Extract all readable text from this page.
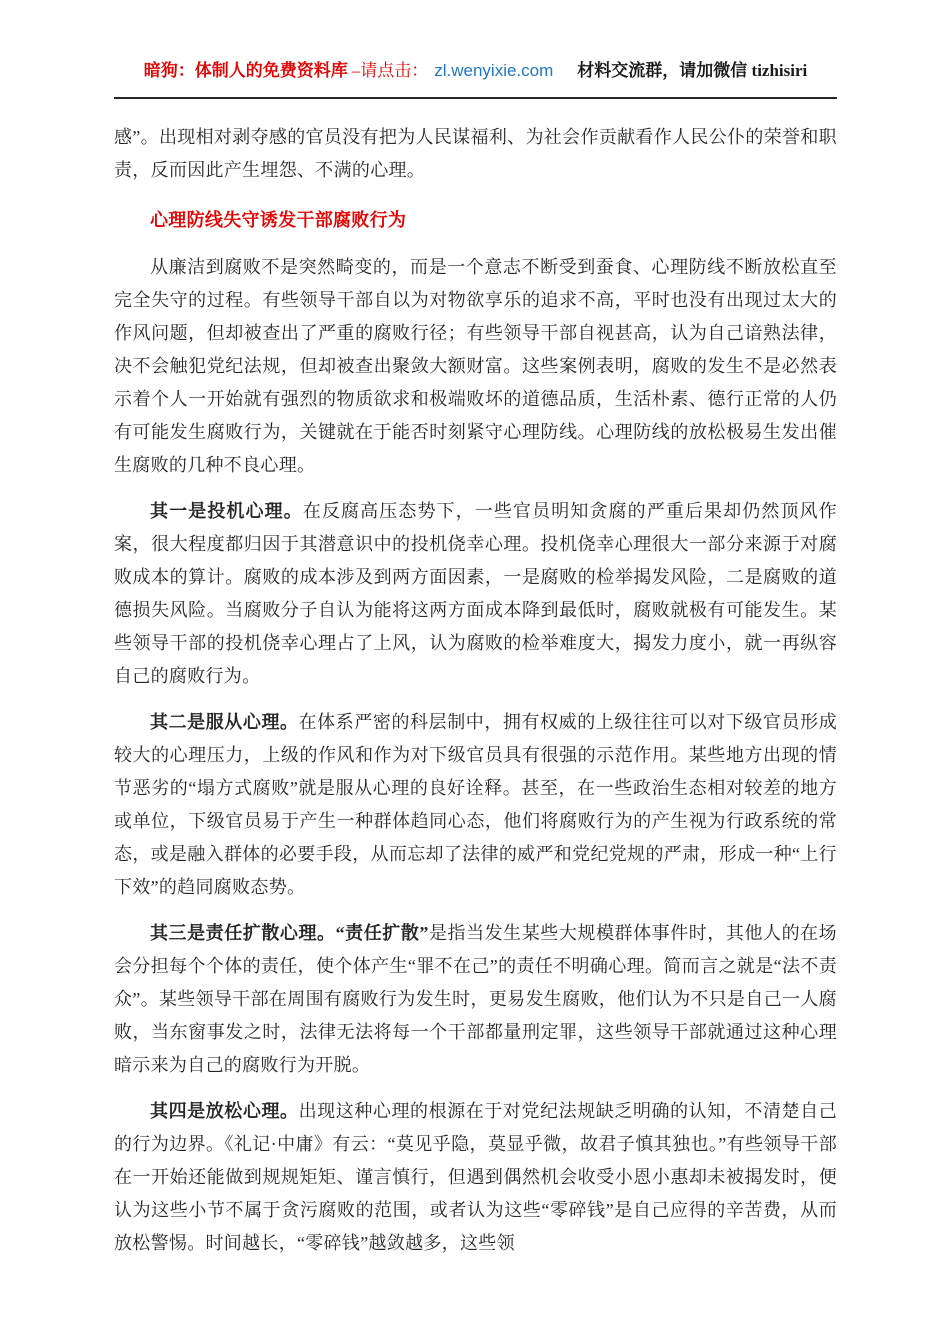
暗狗：体制人的免费资料库 –请点击： zl.wenyixie.com 材料交流群，请加微信 tizhisiri

感”。出现相对剥夺感的官员没有把为人民谋福利、为社会作贡献看作人民公仆的荣誉和职责，反而因此产生埋怨、不满的心理。

心理防线失守诱发干部腐败行为

从廉洁到腐败不是突然畸变的，而是一个意志不断受到蚕食、心理防线不断放松直至完全失守的过程。有些领导干部自以为对物欲享乐的追求不高，平时也没有出现过太大的作风问题，但却被查出了严重的腐败行径；有些领导干部自视甚高，认为自己谙熟法律，决不会触犯党纪法规，但却被查出聚敛大额财富。这些案例表明，腐败的发生不是必然表示着个人一开始就有强烈的物质欲求和极端败坏的道德品质，生活朴素、德行正常的人仍有可能发生腐败行为，关键就在于能否时刻紧守心理防线。心理防线的放松极易生发出催生腐败的几种不良心理。

其一是投机心理。在反腐高压态势下，一些官员明知贪腐的严重后果却仍然顶风作案，很大程度都归因于其潜意识中的投机侥幸心理。投机侥幸心理很大一部分来源于对腐败成本的算计。腐败的成本涉及到两方面因素，一是腐败的检举揭发风险，二是腐败的道德损失风险。当腐败分子自认为能将这两方面成本降到最低时，腐败就极有可能发生。某些领导干部的投机侥幸心理占了上风，认为腐败的检举难度大，揭发力度小，就一再纵容自己的腐败行为。

其二是服从心理。在体系严密的科层制中，拥有权威的上级往往可以对下级官员形成较大的心理压力，上级的作风和作为对下级官员具有很强的示范作用。某些地方出现的情节恶劣的“塌方式腐败”就是服从心理的良好诠释。甚至，在一些政治生态相对较差的地方或单位，下级官员易于产生一种群体趋同心态，他们将腐败行为的产生视为行政系统的常态，或是融入群体的必要手段，从而忘却了法律的威严和党纪党规的严肃，形成一种“上行下效”的趋同腐败态势。

其三是责任扩散心理。“责任扩散”是指当发生某些大规模群体事件时，其他人的在场会分担每个个体的责任，使个体产生“罪不在己”的责任不明确心理。简而言之就是“法不责众”。某些领导干部在周围有腐败行为发生时，更易发生腐败，他们认为不只是自己一人腐败，当东窗事发之时，法律无法将每一个干部都量刑定罪，这些领导干部就通过这种心理暗示来为自己的腐败行为开脱。

其四是放松心理。出现这种心理的根源在于对党纪法规缺乏明确的认知，不清楚自己的行为边界。《礼记·中庸》有云：“莫见乎隐，莫显乎微，故君子慎其独也。”有些领导干部在一开始还能做到规规矩矩、谨言慎行，但遇到偶然机会收受小恩小惠却未被揭发时，便认为这些小节不属于贪污腐败的范围，或者认为这些“零碎钱”是自己应得的辛苦费，从而放松警惕。时间越长，“零碎钱”越敛越多，这些领
